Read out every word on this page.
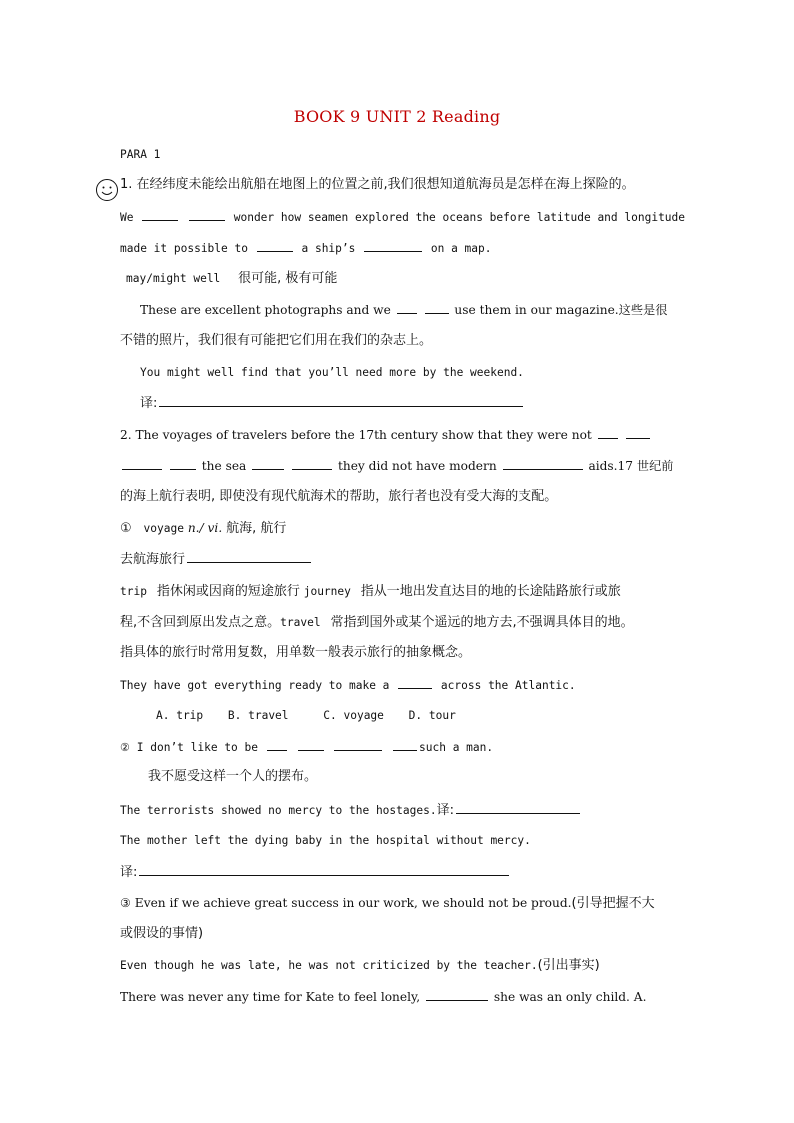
BOOK 9 UNIT 2 Reading
PARA 1
1. 在经纬度未能绘出航船在地图上的位置之前,我们很想知道航海员是怎样在海上探险的。
We	wonder how seamen explored the oceans before latitude and longitude
made it possible to	a ship’s	on a map.
may/might well 很可能, 极有可能
These are excellent photographs and we	use them in our magazine.这些是很
不错的照片，我们很有可能把它们用在我们的杂志上。
You might well find that you’ll need more by the weekend.
译:
2. The voyages of travelers before the 17th century show that they were not
the sea	they did not have modern	aids.17 世纪前
的海上航行表明, 即使没有现代航海术的帮助，旅行者也没有受大海的支配。
① voyage n./ vi. 航海, 航行
去航海旅行
trip 指休闲或因商的短途旅行 journey 指从一地出发直达目的地的长途陆路旅行或旅
程,不含回到原出发点之意。travel 常指到国外或某个遥远的地方去,不强调具体目的地。
指具体的旅行时常用复数，用单数一般表示旅行的抽象概念。
They have got everything ready to make a	across the Atlantic.
A. trip B. travel	C. voyage D. tour
② I don’t like to be	such a man.
我不愿受这样一个人的摆布。
The terrorists showed no mercy to the hostages.译:
The mother left the dying baby in the hospital without mercy.
译:
③ Even if we achieve great success in our work, we should not be proud.(引导把握不大
或假设的事情)
Even though he was late, he was not criticized by the teacher.(引出事实)
There was never any time for Kate to feel lonely,	she was an only child. A.
